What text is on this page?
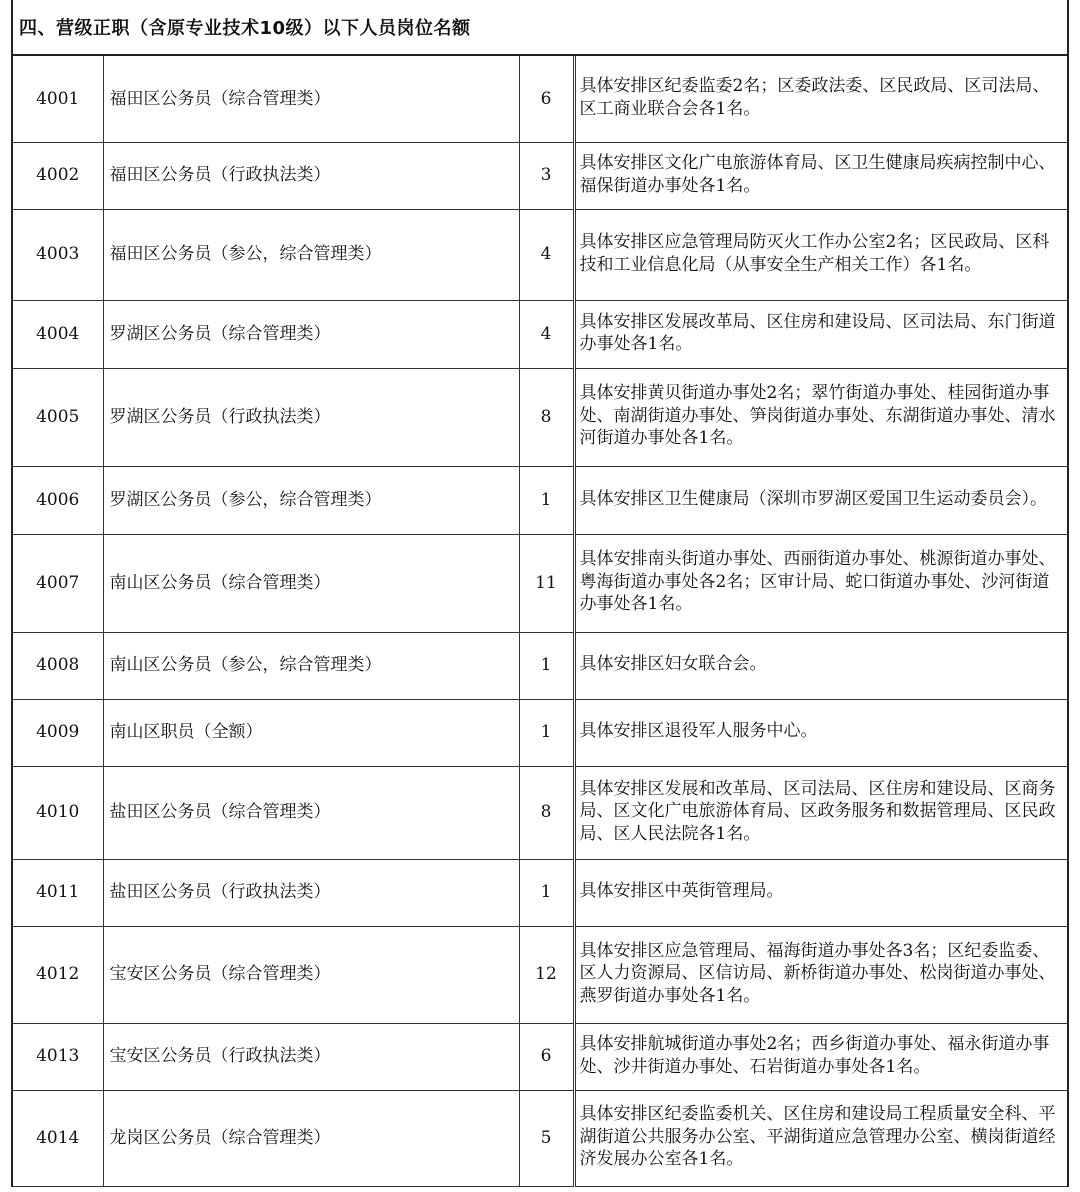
四、营级正职（含原专业技术10级）以下人员岗位名额
4001	福田区公务员（综合管理类）	6	具体安排区纪委监委2名；区委政法委、区民政局、区司法局、区工商业联合会各1名。
4002	福田区公务员（行政执法类）	3	具体安排区文化广电旅游体育局、区卫生健康局疾病控制中心、福保街道办事处各1名。
4003	福田区公务员（参公，综合管理类）	4	具体安排区应急管理局防灭火工作办公室2名；区民政局、区科技和工业信息化局（从事安全生产相关工作）各1名。
4004	罗湖区公务员（综合管理类）	4	具体安排区发展改革局、区住房和建设局、区司法局、东门街道办事处各1名。
4005	罗湖区公务员（行政执法类）	8	具体安排黄贝街道办事处2名；翠竹街道办事处、桂园街道办事处、南湖街道办事处、笋岗街道办事处、东湖街道办事处、清水河街道办事处各1名。
4006	罗湖区公务员（参公，综合管理类）	1	具体安排区卫生健康局（深圳市罗湖区爱国卫生运动委员会）。
4007	南山区公务员（综合管理类）	11	具体安排南头街道办事处、西丽街道办事处、桃源街道办事处、粤海街道办事处各2名；区审计局、蛇口街道办事处、沙河街道办事处各1名。
4008	南山区公务员（参公，综合管理类）	1	具体安排区妇女联合会。
4009	南山区职员（全额）	1	具体安排区退役军人服务中心。
4010	盐田区公务员（综合管理类）	8	具体安排区发展和改革局、区司法局、区住房和建设局、区商务局、区文化广电旅游体育局、区政务服务和数据管理局、区民政局、区人民法院各1名。
4011	盐田区公务员（行政执法类）	1	具体安排区中英街管理局。
4012	宝安区公务员（综合管理类）	12	具体安排区应急管理局、福海街道办事处各3名；区纪委监委、区人力资源局、区信访局、新桥街道办事处、松岗街道办事处、燕罗街道办事处各1名。
4013	宝安区公务员（行政执法类）	6	具体安排航城街道办事处2名；西乡街道办事处、福永街道办事处、沙井街道办事处、石岩街道办事处各1名。
4014	龙岗区公务员（综合管理类）	5	具体安排区纪委监委机关、区住房和建设局工程质量安全科、平湖街道公共服务办公室、平湖街道应急管理办公室、横岗街道经济发展办公室各1名。
